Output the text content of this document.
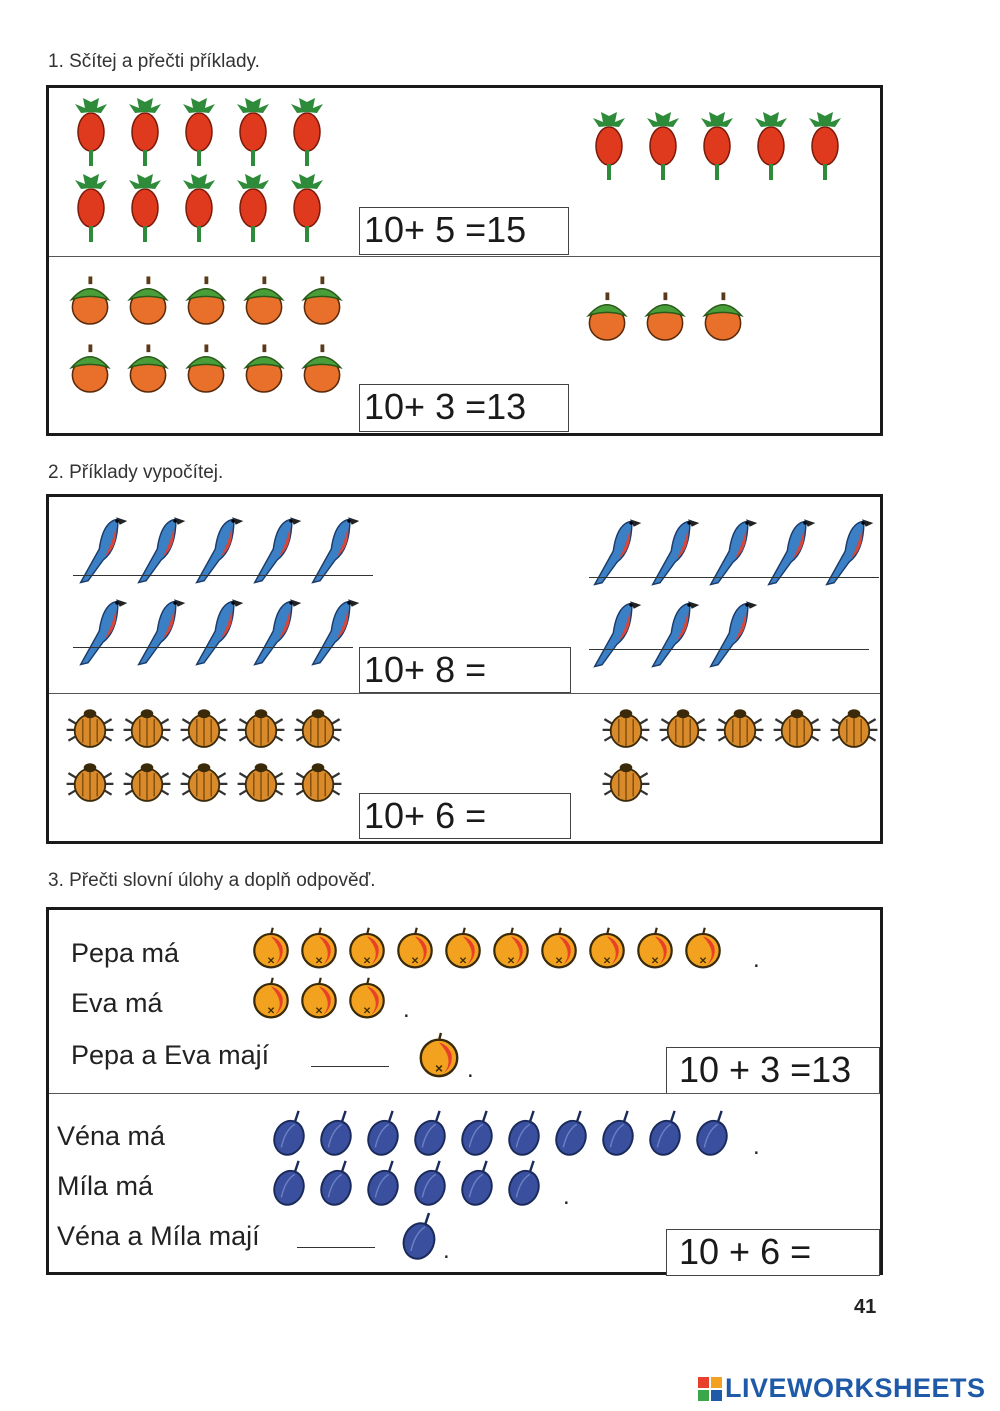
1. Sčítej a přečti příklady.
10+ 5 =15
10+ 3 =13
2. Příklady vypočítej.
10+ 8 =
10+ 6 =
3. Přečti slovní úlohy a doplň odpověď.
Pepa má	.
Eva má	.
Pepa a Eva mají	.	10 + 3 =13
Véna má	.
Míla má	.
Véna a Míla mají	.	10 + 6 =
41
LIVEWORKSHEETS
